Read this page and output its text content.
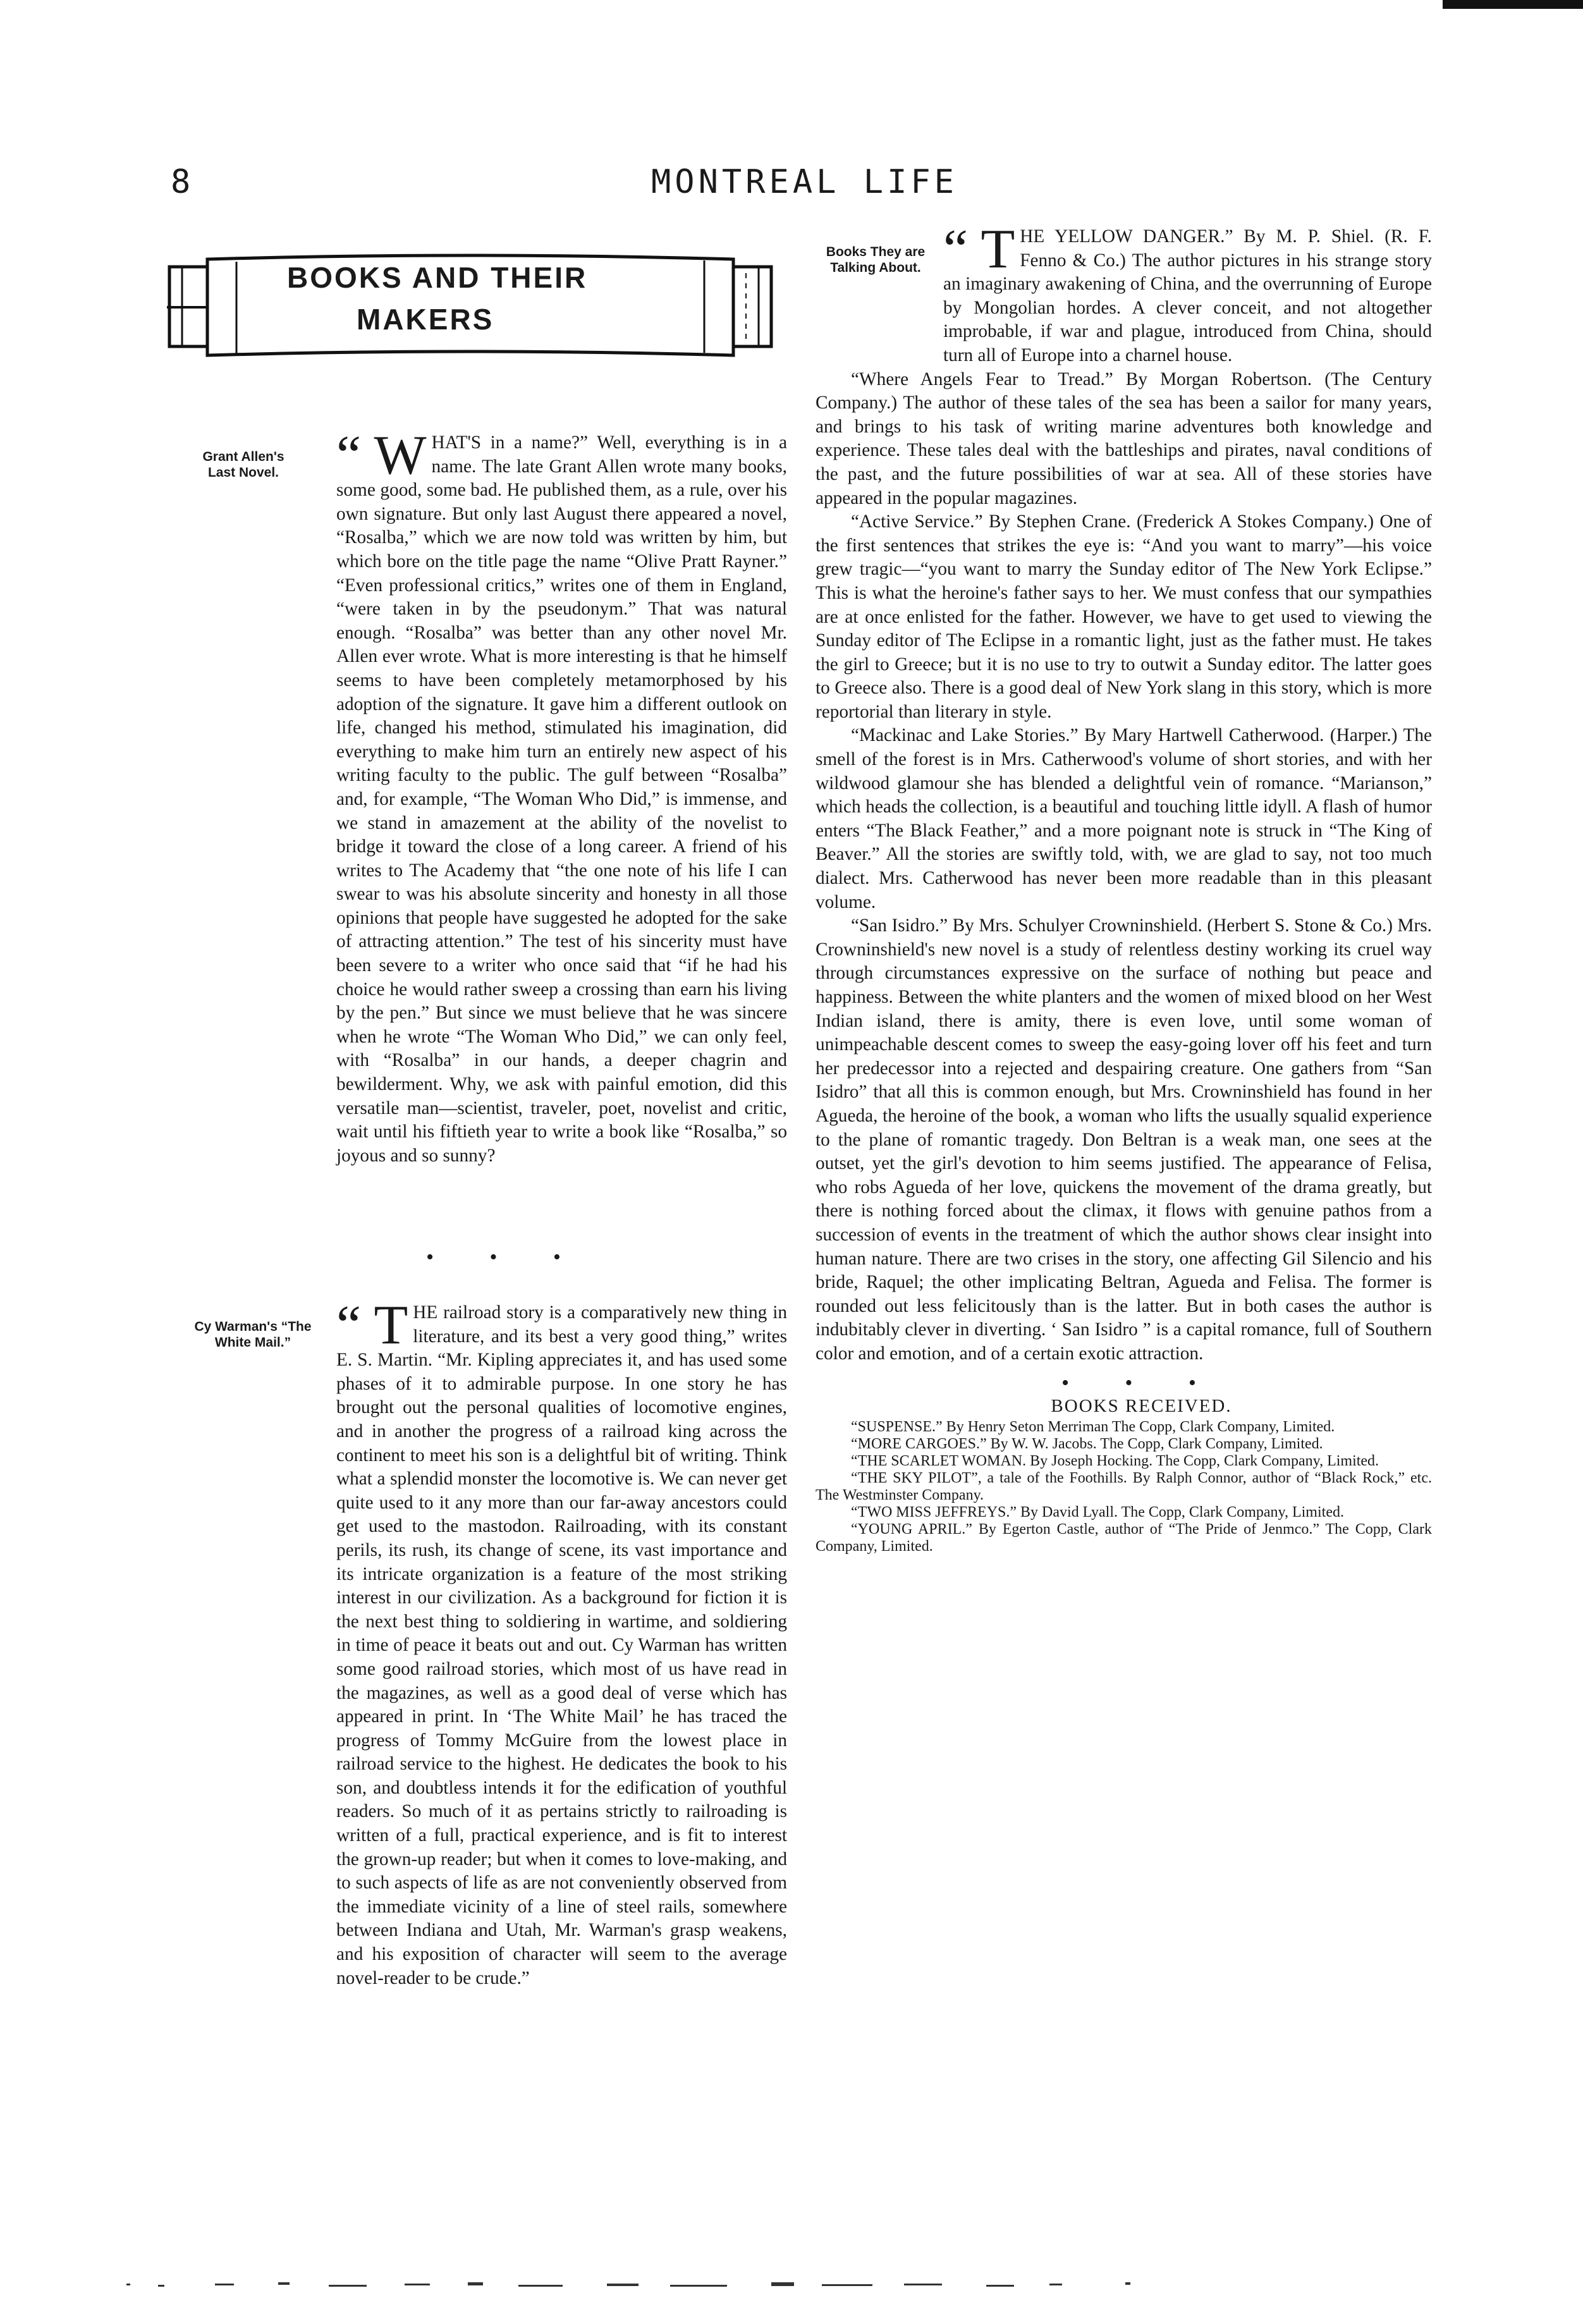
8	MONTREAL LIFE
BOOKS AND THEIR
MAKERS
Grant Allen's Last Novel.	“ W HAT'S in a name?” Well, everything is in a name. The late Grant Allen wrote many books, some good, some bad. He published them, as a rule, over his own signature. But only last August there appeared a novel, “Rosalba,” which we are now told was written by him, but which bore on the title page the name “Olive Pratt Rayner.” “Even professional critics,” writes one of them in England, “were taken in by the pseudonym.” That was natural enough. “Rosalba” was better than any other novel Mr. Allen ever wrote. What is more interesting is that he himself seems to have been completely metamorphosed by his adoption of the signature. It gave him a different outlook on life, changed his method, stimulated his imagination, did everything to make him turn an entirely new aspect of his writing faculty to the public. The gulf between “Rosalba” and, for example, “The Woman Who Did,” is immense, and we stand in amazement at the ability of the novelist to bridge it toward the close of a long career. A friend of his writes to The Academy that “the one note of his life I can swear to was his absolute sincerity and honesty in all those opinions that people have suggested he adopted for the sake of attracting attention.” The test of his sincerity must have been severe to a writer who once said that “if he had his choice he would rather sweep a crossing than earn his living by the pen.” But since we must believe that he was sincere when he wrote “The Woman Who Did,” we can only feel, with “Rosalba” in our hands, a deeper chagrin and bewilderment. Why, we ask with painful emotion, did this versatile man—scientist, traveler, poet, novelist and critic, wait until his fiftieth year to write a book like “Rosalba,” so joyous and so sunny?

• • •

Cy Warman's “The White Mail.” “ T HE railroad story is a comparatively new thing in literature, and its best a very good thing,” writes E. S. Martin. “Mr. Kipling appreciates it, and has used some phases of it to admirable purpose. In one story he has brought out the personal qualities of locomotive engines, and in another the progress of a railroad king across the continent to meet his son is a delightful bit of writing. Think what a splendid monster the locomotive is. We can never get quite used to it any more than our far-away ancestors could get used to the mastodon. Railroading, with its constant perils, its rush, its change of scene, its vast importance and its intricate organization is a feature of the most striking interest in our civilization. As a background for fiction it is the next best thing to soldiering in wartime, and soldiering in time of peace it beats out and out. Cy Warman has written some good railroad stories, which most of us have read in the magazines, as well as a good deal of verse which has appeared in print. In ‘The White Mail’ he has traced the progress of Tommy McGuire from the lowest place in railroad service to the highest. He dedicates the book to his son, and doubtless intends it for the edification of youthful readers. So much of it as pertains strictly to railroading is written of a full, practical experience, and is fit to interest the grown-up reader; but when it comes to love-making, and to such aspects of life as are not conveniently observed from the immediate vicinity of a line of steel rails, somewhere between Indiana and Utah, Mr. Warman's grasp weakens, and his exposition of character will seem to the average novel-reader to be crude.”

Books They are Talking About. “ T HE YELLOW DANGER.” By M. P. Shiel. (R. F. Fenno & Co.) The author pictures in his strange story an imaginary awakening of China, and the overrunning of Europe by Mongolian hordes. A clever conceit, and not altogether improbable, if war and plague, introduced from China, should turn all of Europe into a charnel house.

“Where Angels Fear to Tread.” By Morgan Robertson. (The Century Company.) The author of these tales of the sea has been a sailor for many years, and brings to his task of writing marine adventures both knowledge and experience. These tales deal with the battleships and pirates, naval conditions of the past, and the future possibilities of war at sea. All of these stories have appeared in the popular magazines.

“Active Service.” By Stephen Crane. (Frederick A Stokes Company.) One of the first sentences that strikes the eye is: “And you want to marry”—his voice grew tragic—“you want to marry the Sunday editor of The New York Eclipse.” This is what the heroine's father says to her. We must confess that our sympathies are at once enlisted for the father. However, we have to get used to viewing the Sunday editor of The Eclipse in a romantic light, just as the father must. He takes the girl to Greece; but it is no use to try to outwit a Sunday editor. The latter goes to Greece also. There is a good deal of New York slang in this story, which is more reportorial than literary in style.

“Mackinac and Lake Stories.” By Mary Hartwell Catherwood. (Harper.) The smell of the forest is in Mrs. Catherwood's volume of short stories, and with her wildwood glamour she has blended a delightful vein of romance. “Marianson,” which heads the collection, is a beautiful and touching little idyll. A flash of humor enters “The Black Feather,” and a more poignant note is struck in “The King of Beaver.” All the stories are swiftly told, with, we are glad to say, not too much dialect. Mrs. Catherwood has never been more readable than in this pleasant volume.

“San Isidro.” By Mrs. Schulyer Crowninshield. (Herbert S. Stone & Co.) Mrs. Crowninshield's new novel is a study of relentless destiny working its cruel way through circumstances expressive on the surface of nothing but peace and happiness. Between the white planters and the women of mixed blood on her West Indian island, there is amity, there is even love, until some woman of unimpeachable descent comes to sweep the easy-going lover off his feet and turn her predecessor into a rejected and despairing creature. One gathers from “San Isidro” that all this is common enough, but Mrs. Crowninshield has found in her Agueda, the heroine of the book, a woman who lifts the usually squalid experience to the plane of romantic tragedy. Don Beltran is a weak man, one sees at the outset, yet the girl's devotion to him seems justified. The appearance of Felisa, who robs Agueda of her love, quickens the movement of the drama greatly, but there is nothing forced about the climax, it flows with genuine pathos from a succession of events in the treatment of which the author shows clear insight into human nature. There are two crises in the story, one affecting Gil Silencio and his bride, Raquel; the other implicating Beltran, Agueda and Felisa. The former is rounded out less felicitously than is the latter. But in both cases the author is indubitably clever in diverting. ‘ San Isidro ” is a capital romance, full of Southern color and emotion, and of a certain exotic attraction.

• • •

BOOKS RECEIVED.

“SUSPENSE.” By Henry Seton Merriman The Copp, Clark Company, Limited.

“MORE CARGOES.” By W. W. Jacobs. The Copp, Clark Company, Limited.

“THE SCARLET WOMAN. By Joseph Hocking. The Copp, Clark Company, Limited.

“THE SKY PILOT”, a tale of the Foothills. By Ralph Connor, author of “Black Rock,” etc. The Westminster Company.

“TWO MISS JEFFREYS.” By David Lyall. The Copp, Clark Company, Limited.

“YOUNG APRIL.” By Egerton Castle, author of “The Pride of Jenmco.” The Copp, Clark Company, Limited.
